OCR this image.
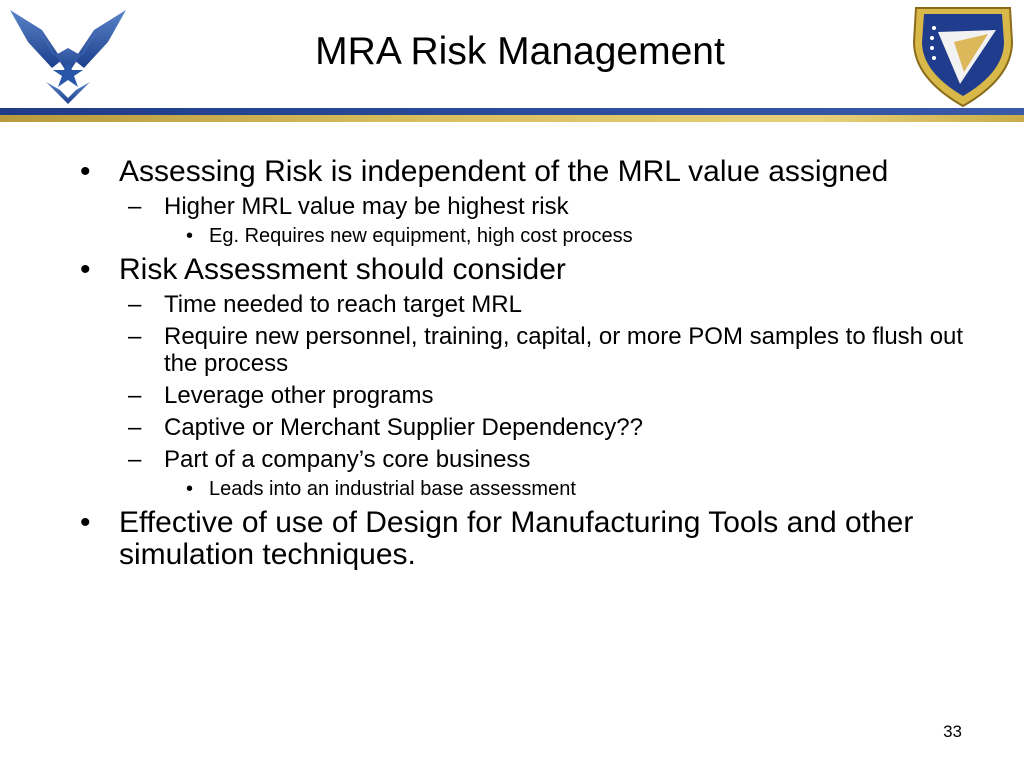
MRA Risk Management

• Assessing Risk is independent of the MRL value assigned

– Higher MRL value may be highest risk

• Eg. Requires new equipment, high cost process

• Risk Assessment should consider

– Time needed to reach target MRL

– Require new personnel, training, capital, or more POM samples to flush out the process

– Leverage other programs

– Captive or Merchant Supplier Dependency??

– Part of a company’s core business

• Leads into an industrial base assessment

• Effective of use of Design for Manufacturing Tools and other simulation techniques.

33
